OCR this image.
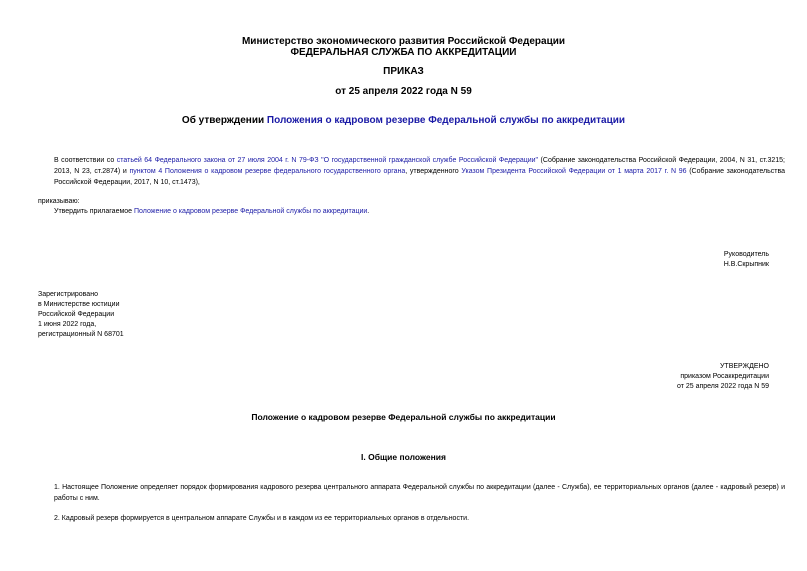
Министерство экономического развития Российской Федерации
ФЕДЕРАЛЬНАЯ СЛУЖБА ПО АККРЕДИТАЦИИ
ПРИКАЗ
от 25 апреля 2022 года N 59
Об утверждении Положения о кадровом резерве Федеральной службы по аккредитации
В соответствии со статьей 64 Федерального закона от 27 июля 2004 г. N 79-ФЗ "О государственной гражданской службе Российской Федерации" (Собрание законодательства Российской Федерации, 2004, N 31, ст.3215; 2013, N 23, ст.2874) и пунктом 4 Положения о кадровом резерве федерального государственного органа, утвержденного Указом Президента Российской Федерации от 1 марта 2017 г. N 96 (Собрание законодательства Российской Федерации, 2017, N 10, ст.1473),
приказываю:
Утвердить прилагаемое Положение о кадровом резерве Федеральной службы по аккредитации.
Руководитель
Н.В.Скрыпник
Зарегистрировано
в Министерстве юстиции
Российской Федерации
1 июня 2022 года,
регистрационный N 68701
УТВЕРЖДЕНО
приказом Росаккредитации
от 25 апреля 2022 года N 59
Положение о кадровом резерве Федеральной службы по аккредитации
I. Общие положения
1. Настоящее Положение определяет порядок формирования кадрового резерва центрального аппарата Федеральной службы по аккредитации (далее - Служба), ее территориальных органов (далее - кадровый резерв) и работы с ним.
2. Кадровый резерв формируется в центральном аппарате Службы и в каждом из ее территориальных органов в отдельности.
